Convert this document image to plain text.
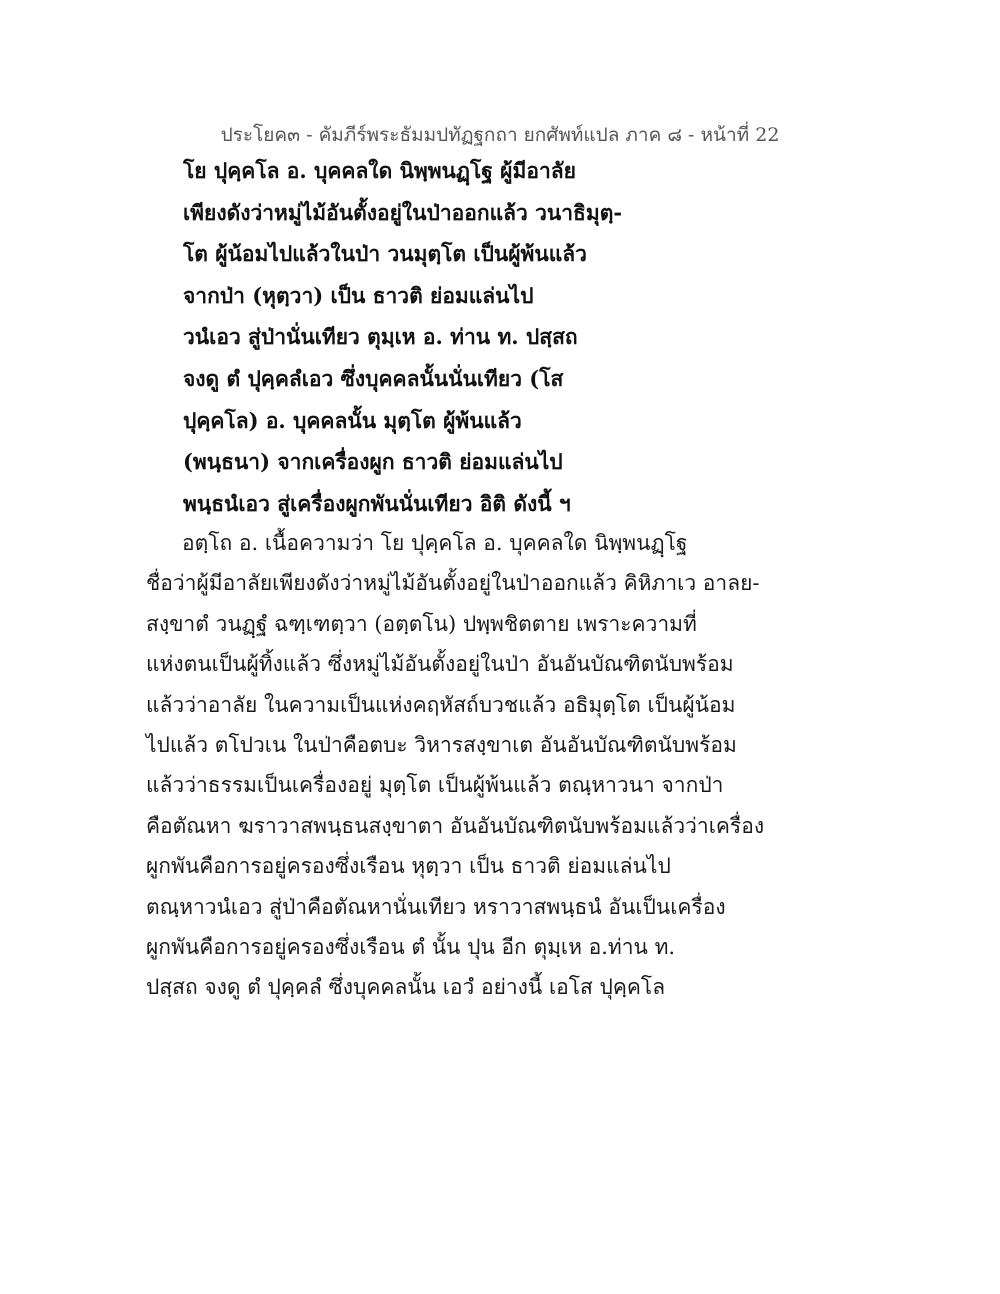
ประโยค๓ - คัมภีร์พระธัมมปทัฏฐกถา ยกศัพท์แปล ภาค ๘ - หน้าที่ 22
โย ปุคฺคโล อ. บุคคลใด นิพฺพนฏฺโฐ ผู้มีอาลัย
เพียงดังว่าหมู่ไม้อันตั้งอยู่ในป่าออกแล้ว วนาธิมุตฺ-
โต ผู้น้อมไปแล้วในป่า วนมุตฺโต เป็นผู้พ้นแล้ว
จากป่า (หุตฺวา) เป็น ธาวติ ย่อมแล่นไป
วนํเอว สู่ป่านั่นเทียว ตุมฺเห อ. ท่าน ท. ปสฺสถ
จงดู ตํ ปุคฺคลํเอว ซึ่งบุคคลนั้นนั่นเทียว (โส
ปุคฺคโล) อ. บุคคลนั้น มุตฺโต ผู้พ้นแล้ว
(พนฺธนา) จากเครื่องผูก ธาวติ ย่อมแล่นไป
พนฺธนํเอว สู่เครื่องผูกพันนั่นเทียว อิติ ดังนี้ ฯ
อตฺโถ อ. เนื้อความว่า โย ปุคฺคโล อ. บุคคลใด นิพฺพนฏฺโฐ
ชื่อว่าผู้มีอาลัยเพียงดังว่าหมู่ไม้อันตั้งอยู่ในป่าออกแล้ว คิหิภาเว อาลย-
สงฺขาตํ วนฏฺฐํ ฉฑฺเฑตฺวา (อตฺตโน) ปพฺพชิตตาย เพราะความที่
แห่งตนเป็นผู้ทิ้งแล้ว ซึ่งหมู่ไม้อันตั้งอยู่ในป่า อันอันบัณฑิตนับพร้อม
แล้วว่าอาลัย ในความเป็นแห่งคฤหัสถ์บวชแล้ว อธิมุตฺโต เป็นผู้น้อม
ไปแล้ว ตโปวเน ในป่าคือตบะ วิหารสงฺขาเต อันอันบัณฑิตนับพร้อม
แล้วว่าธรรมเป็นเครื่องอยู่ มุตฺโต เป็นผู้พ้นแล้ว ตณฺหาวนา จากป่า
คือตัณหา ฆราวาสพนฺธนสงฺขาตา อันอันบัณฑิตนับพร้อมแล้วว่าเครื่อง
ผูกพันคือการอยู่ครองซึ่งเรือน หุตฺวา เป็น ธาวติ ย่อมแล่นไป
ตณฺหาวนํเอว สู่ป่าคือตัณหานั่นเทียว หราวาสพนฺธนํ อันเป็นเครื่อง
ผูกพันคือการอยู่ครองซึ่งเรือน ตํ นั้น ปุน อีก ตุมฺเห อ.ท่าน ท.
ปสฺสถ จงดู ตํ ปุคฺคลํ ซึ่งบุคคลนั้น เอวํ อย่างนี้ เอโส ปุคฺคโล
